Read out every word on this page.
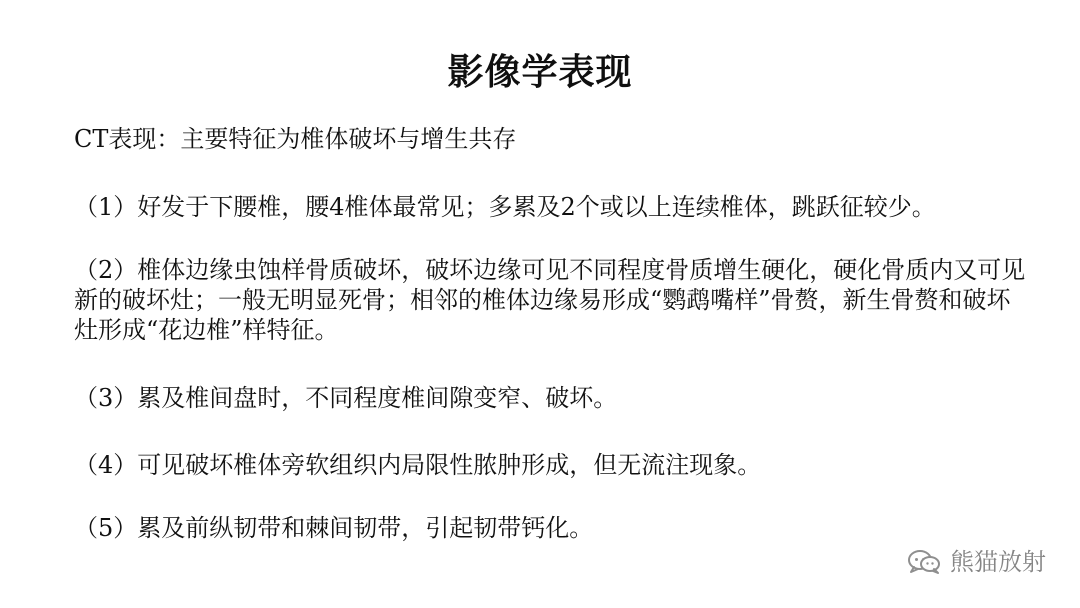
影像学表现
CT表现：主要特征为椎体破坏与增生共存
（1）好发于下腰椎，腰4椎体最常见；多累及2个或以上连续椎体，跳跃征较少。
（2）椎体边缘虫蚀样骨质破坏，破坏边缘可见不同程度骨质增生硬化，硬化骨质内又可见新的破坏灶；一般无明显死骨；相邻的椎体边缘易形成“鹦鹉嘴样”骨赘，新生骨赘和破坏灶形成“花边椎”样特征。
（3）累及椎间盘时，不同程度椎间隙变窄、破坏。
（4）可见破坏椎体旁软组织内局限性脓肿形成，但无流注现象。
（5）累及前纵韧带和棘间韧带，引起韧带钙化。
熊猫放射
